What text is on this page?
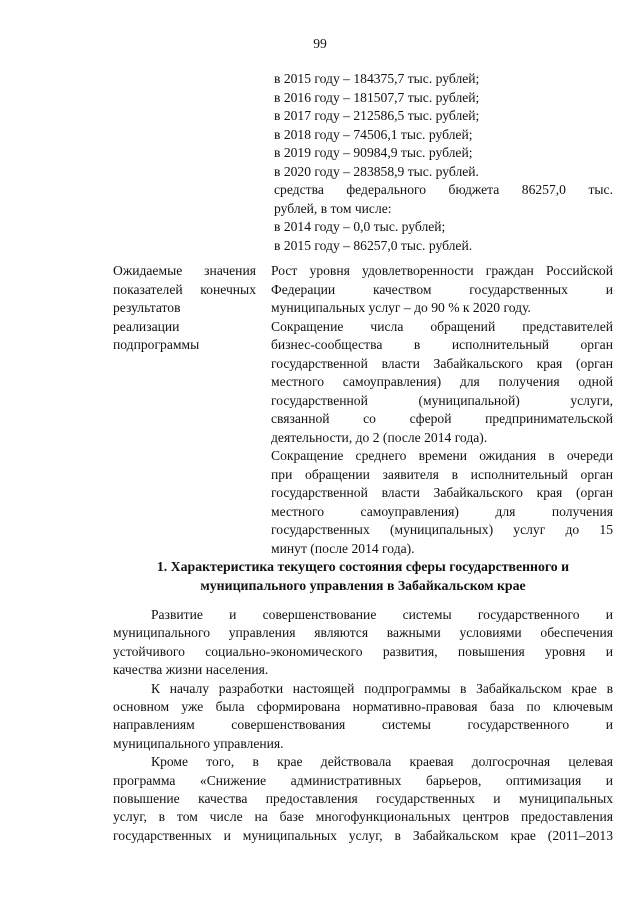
99
в 2015 году – 184375,7 тыс. рублей;
в 2016 году – 181507,7 тыс. рублей;
в 2017 году – 212586,5 тыс. рублей;
в 2018 году – 74506,1 тыс. рублей;
в 2019 году – 90984,9 тыс. рублей;
в 2020 году – 283858,9 тыс. рублей.
средства федерального бюджета 86257,0 тыс.
рублей, в том числе:
в 2014 году – 0,0 тыс. рублей;
в 2015 году – 86257,0 тыс. рублей.
Ожидаемые значения
показателей конечных
результатов
реализации
подпрограммы
Рост уровня удовлетворенности граждан Российской
Федерации качеством государственных и
муниципальных услуг – до 90 % к 2020 году.
Сокращение числа обращений представителей
бизнес-сообщества в исполнительный орган
государственной власти Забайкальского края (орган
местного самоуправления) для получения одной
государственной (муниципальной) услуги,
связанной со сферой предпринимательской
деятельности, до 2 (после 2014 года).
Сокращение среднего времени ожидания в очереди
при обращении заявителя в исполнительный орган
государственной власти Забайкальского края (орган
местного самоуправления) для получения
государственных (муниципальных) услуг до 15
минут (после 2014 года).
1. Характеристика текущего состояния сферы государственного и
муниципального управления в Забайкальском крае
Развитие и совершенствование системы государственного и
муниципального управления являются важными условиями обеспечения
устойчивого социально-экономического развития, повышения уровня и
качества жизни населения.
К началу разработки настоящей подпрограммы в Забайкальском крае в
основном уже была сформирована нормативно-правовая база по ключевым
направлениям совершенствования системы государственного и
муниципального управления.
Кроме того, в крае действовала краевая долгосрочная целевая
программа «Снижение административных барьеров, оптимизация и
повышение качества предоставления государственных и муниципальных
услуг, в том числе на базе многофункциональных центров предоставления
государственных и муниципальных услуг, в Забайкальском крае (2011–2013
